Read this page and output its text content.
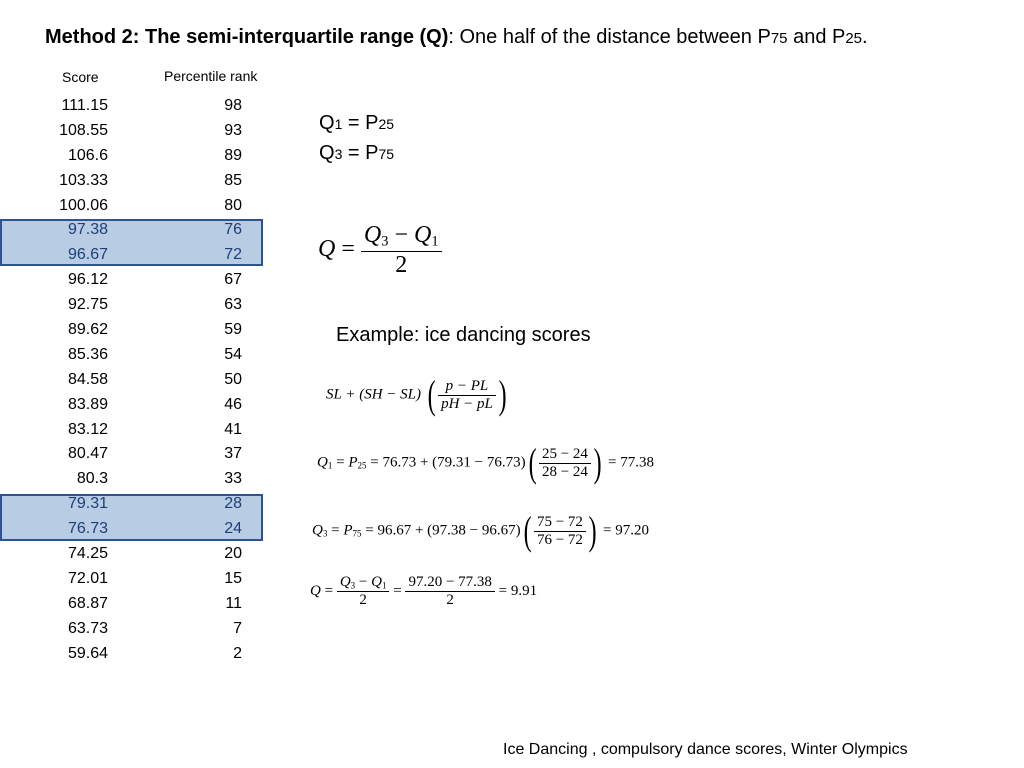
Method 2: The semi-interquartile range (Q): One half of the distance between P75 and P25.
Score	Percentile rank
111.15	98
108.55	93
106.6	89
103.33	85
100.06	80
97.38	76
96.67	72
96.12	67
92.75	63
89.62	59
85.36	54
84.58	50
83.89	46
83.12	41
80.47	37
80.3	33
79.31	28
76.73	24
74.25	20
72.01	15
68.87	11
63.73	7
59.64	2
Q1 = P25
Q3 = P75
$Q = \frac{Q3 - Q1}{2}$
Example: ice dancing scores
SL + (SH − SL) ( $\frac{p - PL}{pH - pL}$ )
$Q1 = P25 = 76.73 + (79.31 - 76.73)( \frac{25 - 24}{28 - 24}$ ) = 77.38
$Q3 = P75 = 96.67 + (97.38 - 96.67)( \frac{75 - 72}{76 - 72}$ ) = 97.20
$Q = \frac{Q3 - Q1}{2} = \frac{97.20 - 77.38}{2} = 9.91$
Ice Dancing , compulsory dance scores, Winter Olympics
